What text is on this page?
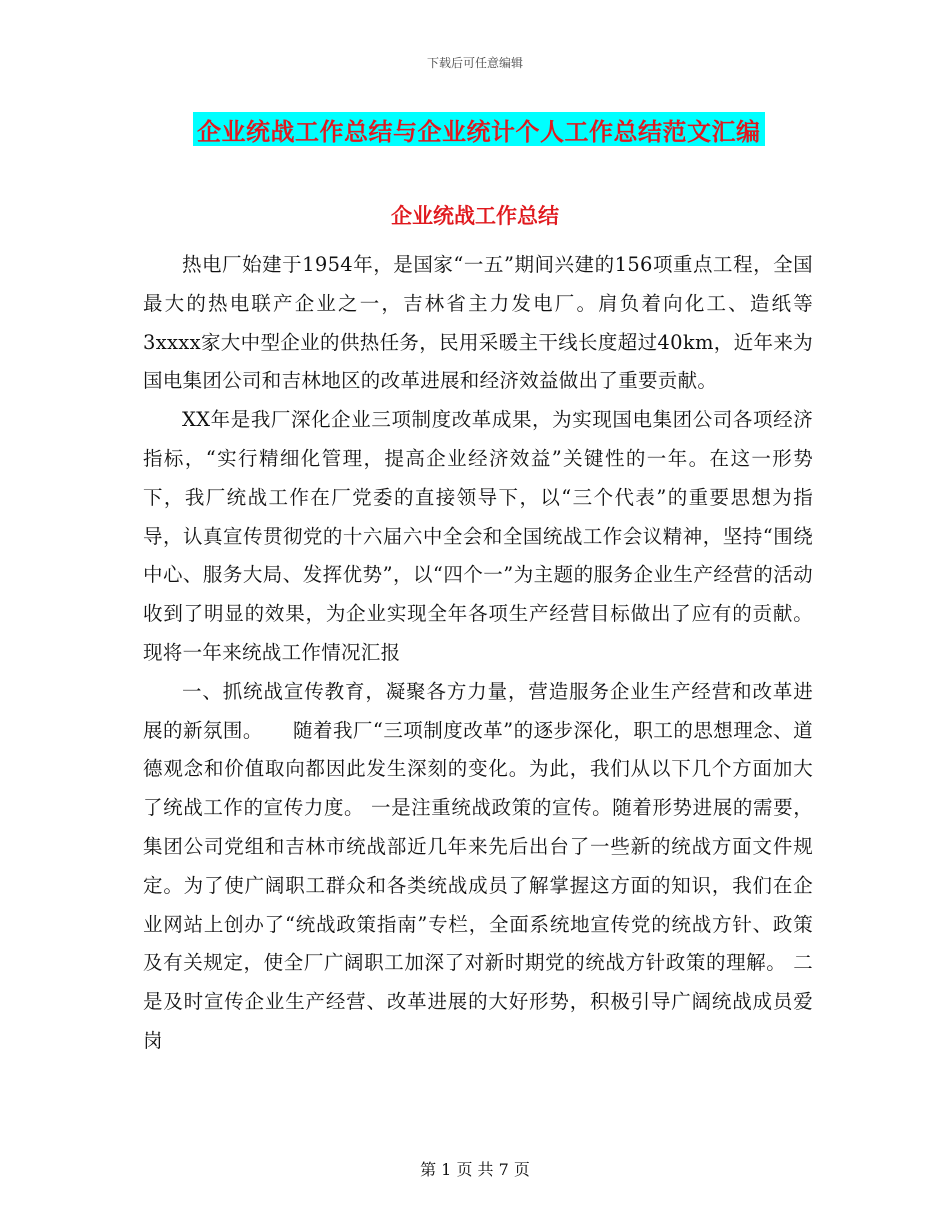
下载后可任意编辑
企业统战工作总结与企业统计个人工作总结范文汇编
企业统战工作总结

热电厂始建于1954年，是国家“一五”期间兴建的156项重点工程，全国最大的热电联产企业之一，吉林省主力发电厂。肩负着向化工、造纸等3xxxx家大中型企业的供热任务，民用采暖主干线长度超过40km，近年来为国电集团公司和吉林地区的改革进展和经济效益做出了重要贡献。

XX年是我厂深化企业三项制度改革成果，为实现国电集团公司各项经济指标，“实行精细化管理，提高企业经济效益”关键性的一年。在这一形势下，我厂统战工作在厂党委的直接领导下，以“三个代表”的重要思想为指导，认真宣传贯彻党的十六届六中全会和全国统战工作会议精神，坚持“围绕中心、服务大局、发挥优势”，以“四个一”为主题的服务企业生产经营的活动收到了明显的效果，为企业实现全年各项生产经营目标做出了应有的贡献。现将一年来统战工作情况汇报

一、抓统战宣传教育，凝聚各方力量，营造服务企业生产经营和改革进展的新氛围。　　随着我厂“三项制度改革”的逐步深化，职工的思想理念、道德观念和价值取向都因此发生深刻的变化。为此，我们从以下几个方面加大了统战工作的宣传力度。 一是注重统战政策的宣传。随着形势进展的需要，集团公司党组和吉林市统战部近几年来先后出台了一些新的统战方面文件规定。为了使广阔职工群众和各类统战成员了解掌握这方面的知识，我们在企业网站上创办了“统战政策指南”专栏，全面系统地宣传党的统战方针、政策及有关规定，使全厂广阔职工加深了对新时期党的统战方针政策的理解。 二是及时宣传企业生产经营、改革进展的大好形势，积极引导广阔统战成员爱岗

第 1 页 共 7 页
